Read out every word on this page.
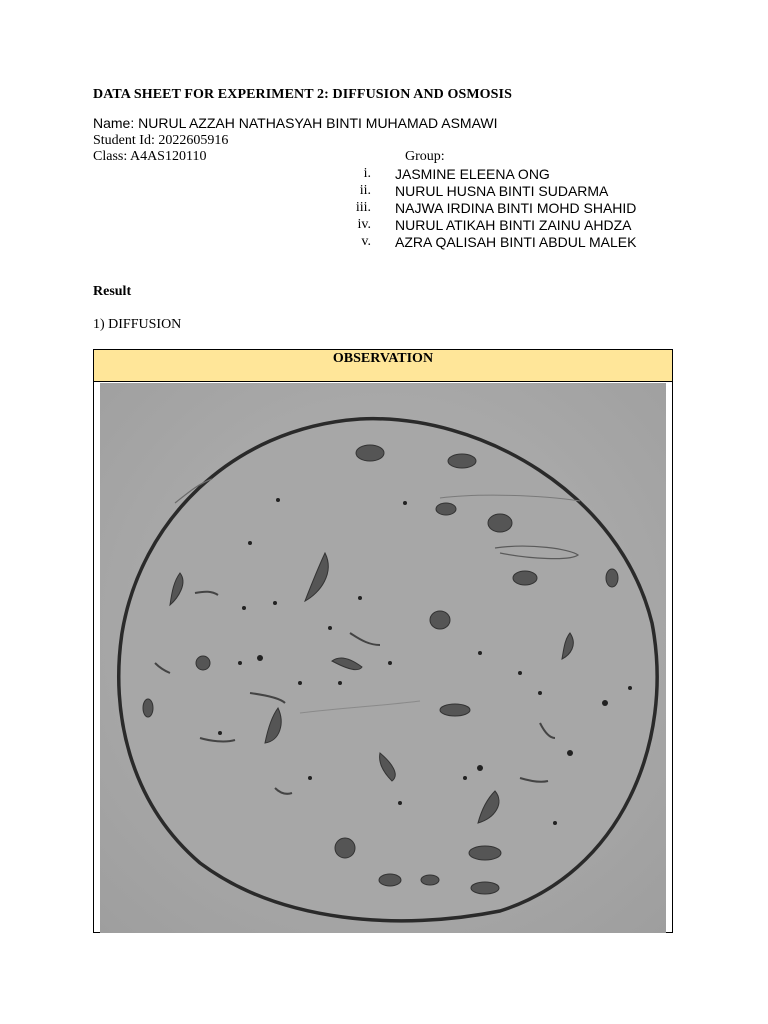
DATA SHEET FOR EXPERIMENT 2: DIFFUSION AND OSMOSIS
Name: NURUL AZZAH NATHASYAH BINTI MUHAMAD ASMAWI
Student Id: 2022605916
Class: A4AS120110	Group:
i. JASMINE ELEENA ONG
ii. NURUL HUSNA BINTI SUDARMA
iii. NAJWA IRDINA BINTI MOHD SHAHID
iv. NURUL ATIKAH BINTI ZAINU AHDZA
v. AZRA QALISAH BINTI ABDUL MALEK
Result
1) DIFFUSION
OBSERVATION
